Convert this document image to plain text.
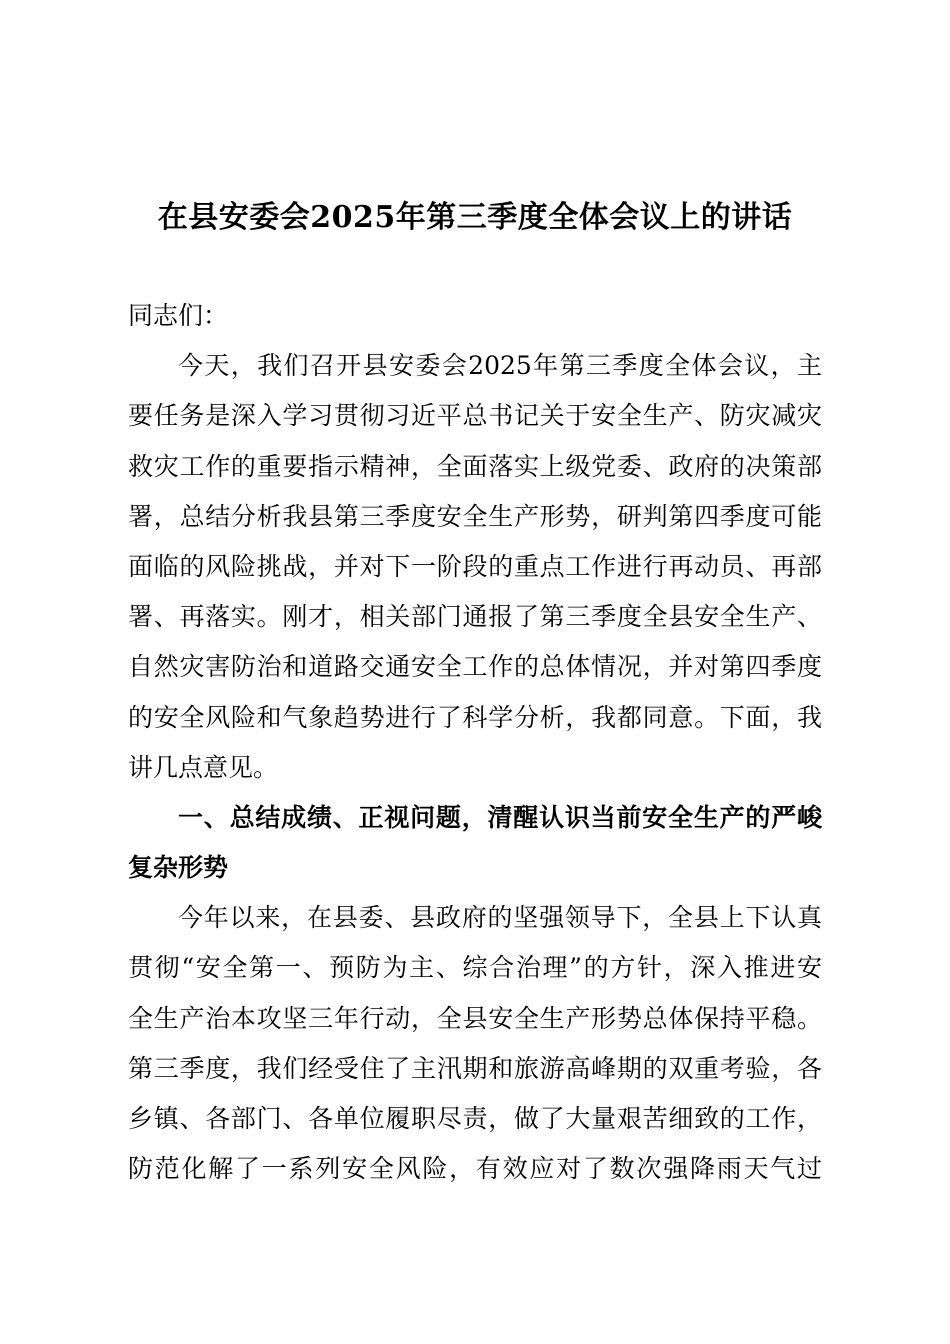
在县安委会2025年第三季度全体会议上的讲话
同志们：
今天，我们召开县安委会2025年第三季度全体会议，主
要任务是深入学习贯彻习近平总书记关于安全生产、防灾减灾
救灾工作的重要指示精神，全面落实上级党委、政府的决策部
署，总结分析我县第三季度安全生产形势，研判第四季度可能
面临的风险挑战，并对下一阶段的重点工作进行再动员、再部
署、再落实。刚才，相关部门通报了第三季度全县安全生产、
自然灾害防治和道路交通安全工作的总体情况，并对第四季度
的安全风险和气象趋势进行了科学分析，我都同意。下面，我
讲几点意见。
一、总结成绩、正视问题，清醒认识当前安全生产的严峻
复杂形势
今年以来，在县委、县政府的坚强领导下，全县上下认真
贯彻“安全第一、预防为主、综合治理”的方针，深入推进安
全生产治本攻坚三年行动，全县安全生产形势总体保持平稳。
第三季度，我们经受住了主汛期和旅游高峰期的双重考验，各
乡镇、各部门、各单位履职尽责，做了大量艰苦细致的工作，
防范化解了一系列安全风险，有效应对了数次强降雨天气过
